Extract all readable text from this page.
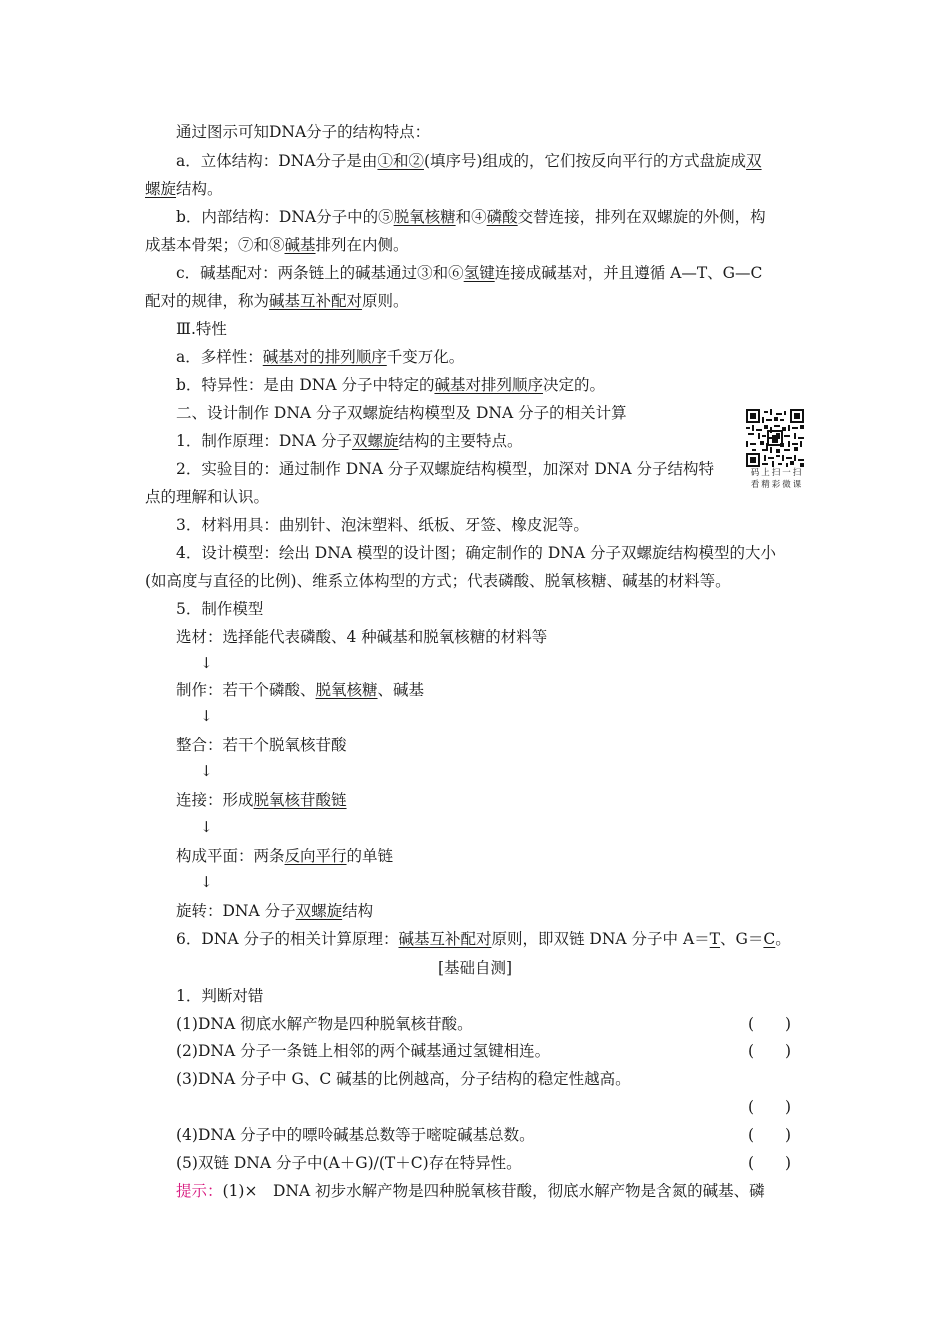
通过图示可知DNA分子的结构特点：
a．立体结构：DNA分子是由①和②(填序号)组成的，它们按反向平行的方式盘旋成双
螺旋结构。
b．内部结构：DNA分子中的⑤脱氧核糖和④磷酸交替连接，排列在双螺旋的外侧，构
成基本骨架；⑦和⑧碱基排列在内侧。
c．碱基配对：两条链上的碱基通过③和⑥氢键连接成碱基对，并且遵循 A—T、G—C
配对的规律，称为碱基互补配对原则。
Ⅲ.特性
a．多样性：碱基对的排列顺序千变万化。
b．特异性：是由 DNA 分子中特定的碱基对排列顺序决定的。
二、设计制作 DNA 分子双螺旋结构模型及 DNA 分子的相关计算
1．制作原理：DNA 分子双螺旋结构的主要特点。
码上扫一扫
看精彩微课
2．实验目的：通过制作 DNA 分子双螺旋结构模型，加深对 DNA 分子结构特
点的理解和认识。
3．材料用具：曲别针、泡沫塑料、纸板、牙签、橡皮泥等。
4．设计模型：绘出 DNA 模型的设计图；确定制作的 DNA 分子双螺旋结构模型的大小
(如高度与直径的比例)、维系立体构型的方式；代表磷酸、脱氧核糖、碱基的材料等。
5．制作模型
选材：选择能代表磷酸、4 种碱基和脱氧核糖的材料等
↓
制作：若干个磷酸、脱氧核糖、碱基
↓
整合：若干个脱氧核苷酸
↓
连接：形成脱氧核苷酸链
↓
构成平面：两条反向平行的单链
↓
旋转：DNA 分子双螺旋结构
6．DNA 分子的相关计算原理：碱基互补配对原则，即双链 DNA 分子中 A＝T、G＝C。
[基础自测]
1．判断对错
(1)DNA 彻底水解产物是四种脱氧核苷酸。	(　　)
(2)DNA 分子一条链上相邻的两个碱基通过氢键相连。	(　　)
(3)DNA 分子中 G、C 碱基的比例越高，分子结构的稳定性越高。
(　　)
(4)DNA 分子中的嘌呤碱基总数等于嘧啶碱基总数。	(　　)
(5)双链 DNA 分子中(A＋G)/(T＋C)存在特异性。	(　　)
提示：(1)×　DNA 初步水解产物是四种脱氧核苷酸，彻底水解产物是含氮的碱基、磷
